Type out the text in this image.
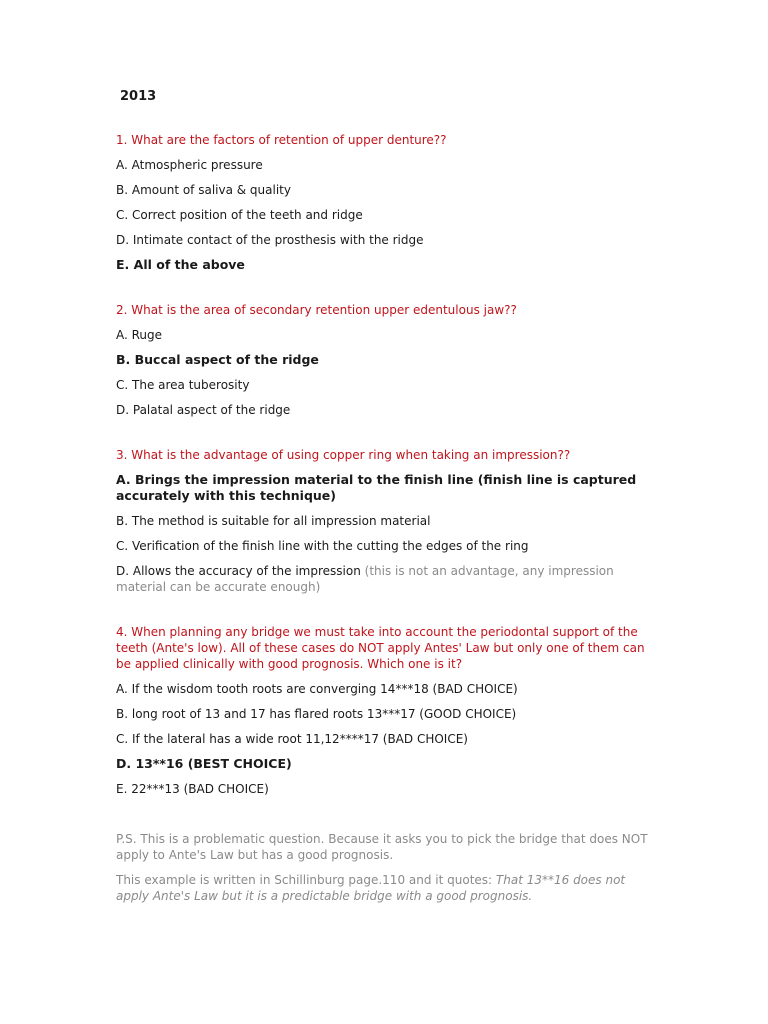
2013

1. What are the factors of retention of upper denture??

A. Atmospheric pressure

B. Amount of saliva & quality

C. Correct position of the teeth and ridge

D. Intimate contact of the prosthesis with the ridge

E. All of the above

2. What is the area of secondary retention upper edentulous jaw??

A. Ruge

B. Buccal aspect of the ridge

C. The area tuberosity

D. Palatal aspect of the ridge

3. What is the advantage of using copper ring when taking an impression??

A. Brings the impression material to the finish line (finish line is captured accurately with this technique)

B. The method is suitable for all impression material

C. Verification of the finish line with the cutting the edges of the ring

D. Allows the accuracy of the impression (this is not an advantage, any impression material can be accurate enough)

4. When planning any bridge we must take into account the periodontal support of the teeth (Ante's low). All of these cases do NOT apply Antes' Law but only one of them can be applied clinically with good prognosis. Which one is it?

A. If the wisdom tooth roots are converging 14***18 (BAD CHOICE)

B. long root of 13 and 17 has flared roots 13***17 (GOOD CHOICE)

C. If the lateral has a wide root 11,12****17 (BAD CHOICE)

D. 13**16 (BEST CHOICE)

E. 22***13 (BAD CHOICE)

P.S. This is a problematic question. Because it asks you to pick the bridge that does NOT apply to Ante's Law but has a good prognosis.

This example is written in Schillinburg page.110 and it quotes: That 13**16 does not apply Ante's Law but it is a predictable bridge with a good prognosis.
